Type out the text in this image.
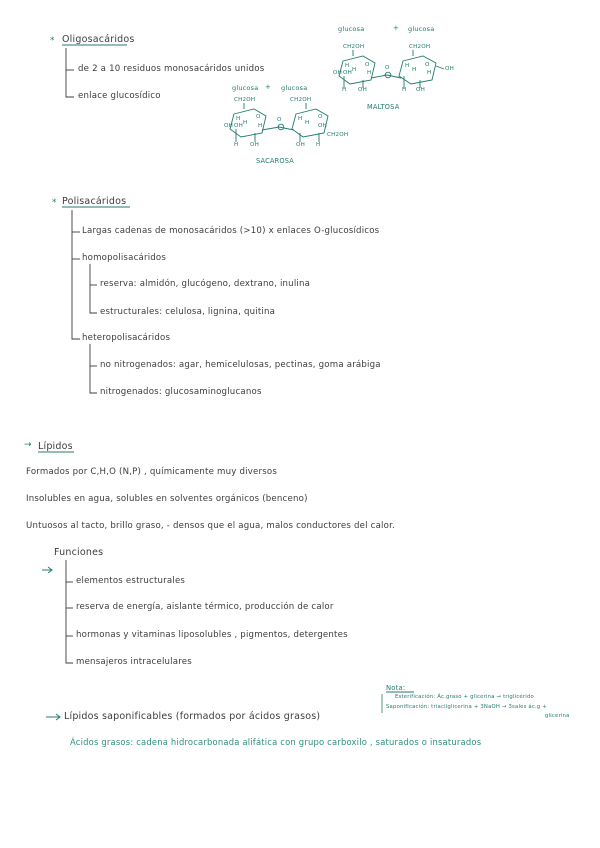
* Oligosacáridos
de 2 a 10 residuos monosacáridos unidos
enlace glucosídico
glucosa	+ glucosa
CH2OH	CH2OH
H	O
H
OH OH	H
H OH
O	H	O
H H
OH
H OH
MALTOSA
glucosa + glucosa
CH2OH	CH2OH
H	O
H
OH OH	H
H OH
O	H	O
H OH
OH H
CH2OH
SACAROSA
* Polisacáridos
Largas cadenas de monosacáridos (>10) x enlaces O-glucosídicos
homopolisacáridos
reserva: almidón, glucógeno, dextrano, inulina
estructurales: celulosa, lignina, quitina
heteropolisacáridos
no nitrogenados: agar, hemicelulosas, pectinas, goma arábiga
nitrogenados: glucosaminoglucanos
→ Lípidos
Formados por C,H,O (N,P) , químicamente muy diversos
Insolubles en agua, solubles en solventes orgánicos (benceno)
Untuosos al tacto, brillo graso, - densos que el agua, malos conductores del calor.
Funciones
elementos estructurales
reserva de energía, aislante térmico, producción de calor
hormonas y vitaminas liposolubles , pigmentos, detergentes
mensajeros intracelulares
Nota:
Esterificación: Ác.graso + glicerina → triglicérido
Saponificación: triacilglicerina + 3NaOH → 3sales ác.g +
glicerina
Lípidos saponificables (formados por ácidos grasos)
Ácidos grasos: cadena hidrocarbonada alifática con grupo carboxilo , saturados o insaturados
